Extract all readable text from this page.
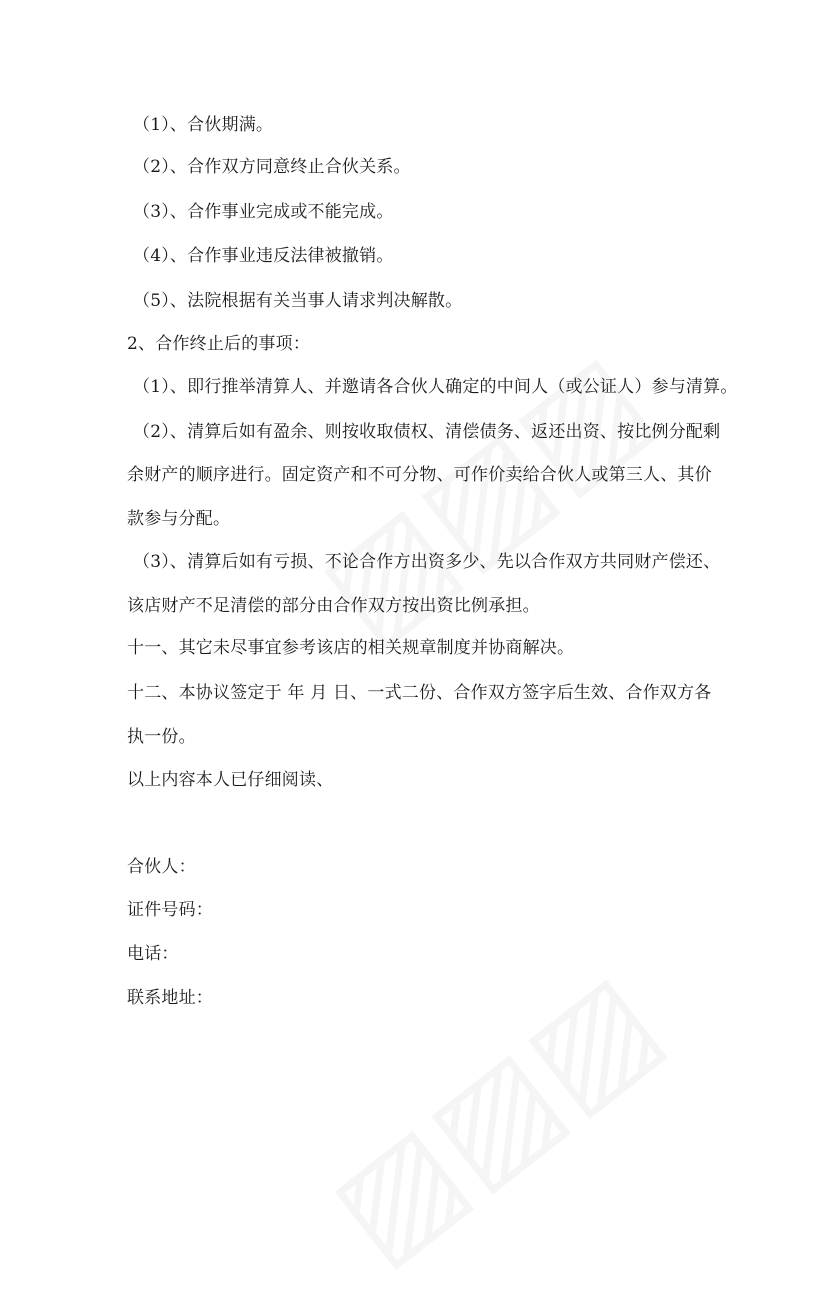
（1）、合伙期满。
（2）、合作双方同意终止合伙关系。
（3）、合作事业完成或不能完成。
（4）、合作事业违反法律被撤销。
（5）、法院根据有关当事人请求判决解散。
2、合作终止后的事项：
（1）、即行推举清算人、并邀请各合伙人确定的中间人（或公证人）参与清算。
（2）、清算后如有盈余、则按收取债权、清偿债务、返还出资、按比例分配剩
余财产的顺序进行。固定资产和不可分物、可作价卖给合伙人或第三人、其价
款参与分配。
（3）、清算后如有亏损、不论合作方出资多少、先以合作双方共同财产偿还、
该店财产不足清偿的部分由合作双方按出资比例承担。
十一、其它未尽事宜参考该店的相关规章制度并协商解决。
十二、本协议签定于 年 月 日、一式二份、合作双方签字后生效、合作双方各
执一份。
以上内容本人已仔细阅读、
合伙人：
证件号码：
电话：
联系地址：
